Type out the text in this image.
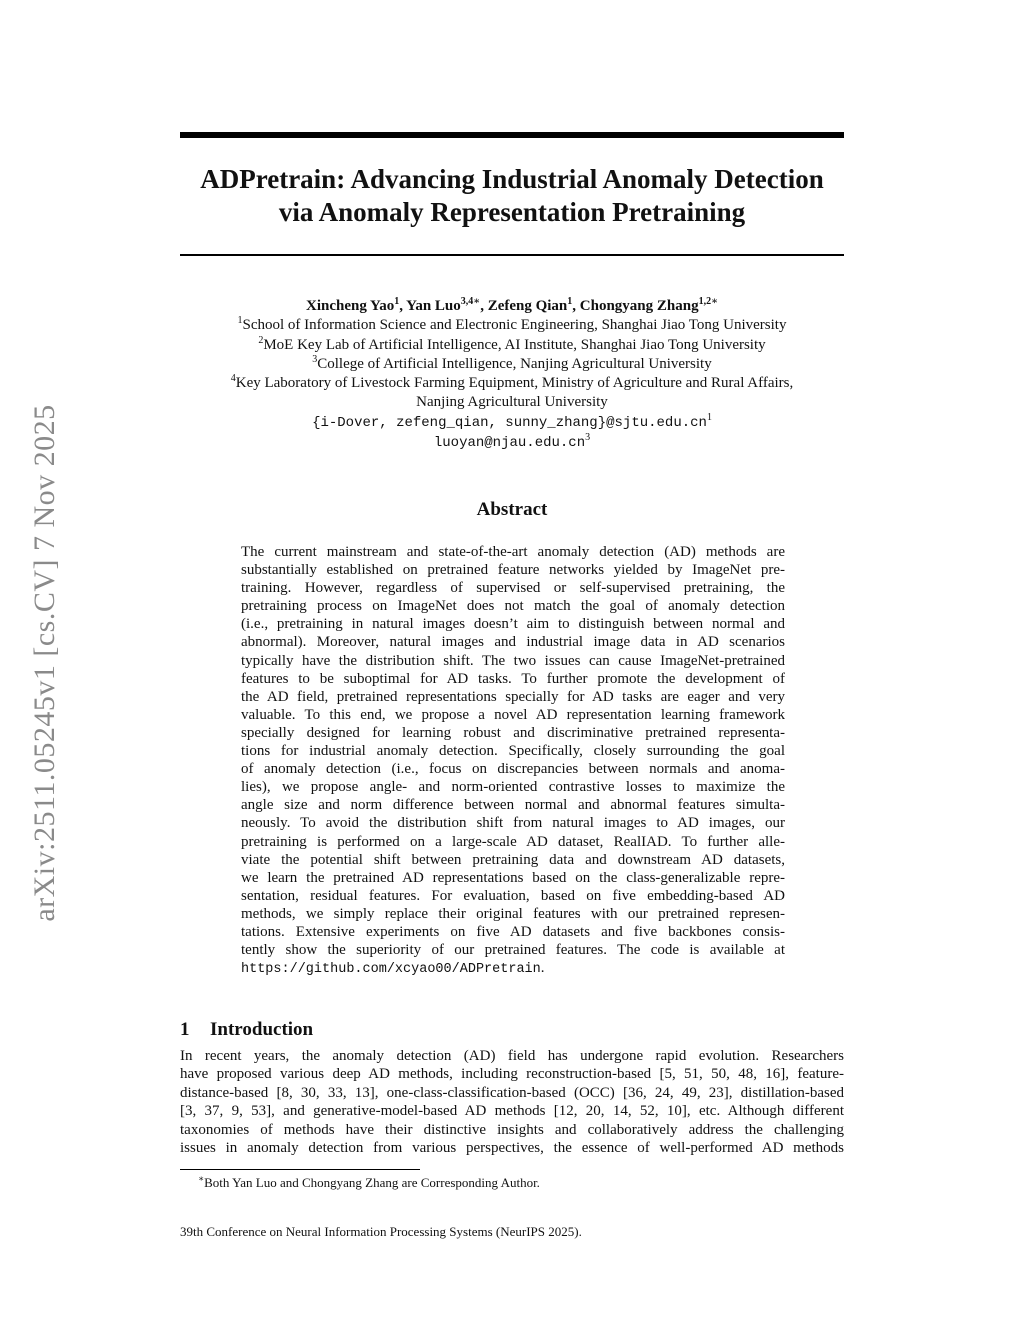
arXiv:2511.05245v1 [cs.CV] 7 Nov 2025
ADPretrain: Advancing Industrial Anomaly Detection
via Anomaly Representation Pretraining
Xincheng Yao$^1$, Yan Luo$^{3,4∗}$, Zefeng Qian$^1$, Chongyang Zhang$^{1,2∗}$
$^1$School of Information Science and Electronic Engineering, Shanghai Jiao Tong University
$^2$MoE Key Lab of Artificial Intelligence, AI Institute, Shanghai Jiao Tong University
$^3$College of Artificial Intelligence, Nanjing Agricultural University
$^4$Key Laboratory of Livestock Farming Equipment, Ministry of Agriculture and Rural Affairs,
Nanjing Agricultural University
{i-Dover, zefeng_qian, $sunny\_zhang\}@sjtu.edu.cn^1$
$luoyan@njau.edu.cn^3$
Abstract
The current mainstream and state-of-the-art anomaly detection (AD) methods are
substantially established on pretrained feature networks yielded by ImageNet pre-
training. However, regardless of supervised or self-supervised pretraining, the
pretraining process on ImageNet does not match the goal of anomaly detection
(i.e., pretraining in natural images doesn’t aim to distinguish between normal and
abnormal). Moreover, natural images and industrial image data in AD scenarios
typically have the distribution shift. The two issues can cause ImageNet-pretrained
features to be suboptimal for AD tasks. To further promote the development of
the AD field, pretrained representations specially for AD tasks are eager and very
valuable. To this end, we propose a novel AD representation learning framework
specially designed for learning robust and discriminative pretrained representa-
tions for industrial anomaly detection. Specifically, closely surrounding the goal
of anomaly detection (i.e., focus on discrepancies between normals and anoma-
lies), we propose angle- and norm-oriented contrastive losses to maximize the
angle size and norm difference between normal and abnormal features simulta-
neously. To avoid the distribution shift from natural images to AD images, our
pretraining is performed on a large-scale AD dataset, RealIAD. To further alle-
viate the potential shift between pretraining data and downstream AD datasets,
we learn the pretrained AD representations based on the class-generalizable repre-
sentation, residual features. For evaluation, based on five embedding-based AD
methods, we simply replace their original features with our pretrained represen-
tations. Extensive experiments on five AD datasets and five backbones consis-
tently show the superiority of our pretrained features. The code is available at
https://github.com/xcyao00/ADPretrain.
1 Introduction
In recent years, the anomaly detection (AD) field has undergone rapid evolution. Researchers
have proposed various deep AD methods, including reconstruction-based [5, 51, 50, 48, 16], feature-
distance-based [8, 30, 33, 13], one-class-classification-based (OCC) [36, 24, 49, 23], distillation-based
[3, 37, 9, 53], and generative-model-based AD methods [12, 20, 14, 52, 10], etc. Although different
taxonomies of methods have their distinctive insights and collaboratively address the challenging
issues in anomaly detection from various perspectives, the essence of well-performed AD methods
∗Both Yan Luo and Chongyang Zhang are Corresponding Author.
39th Conference on Neural Information Processing Systems (NeurIPS 2025).
